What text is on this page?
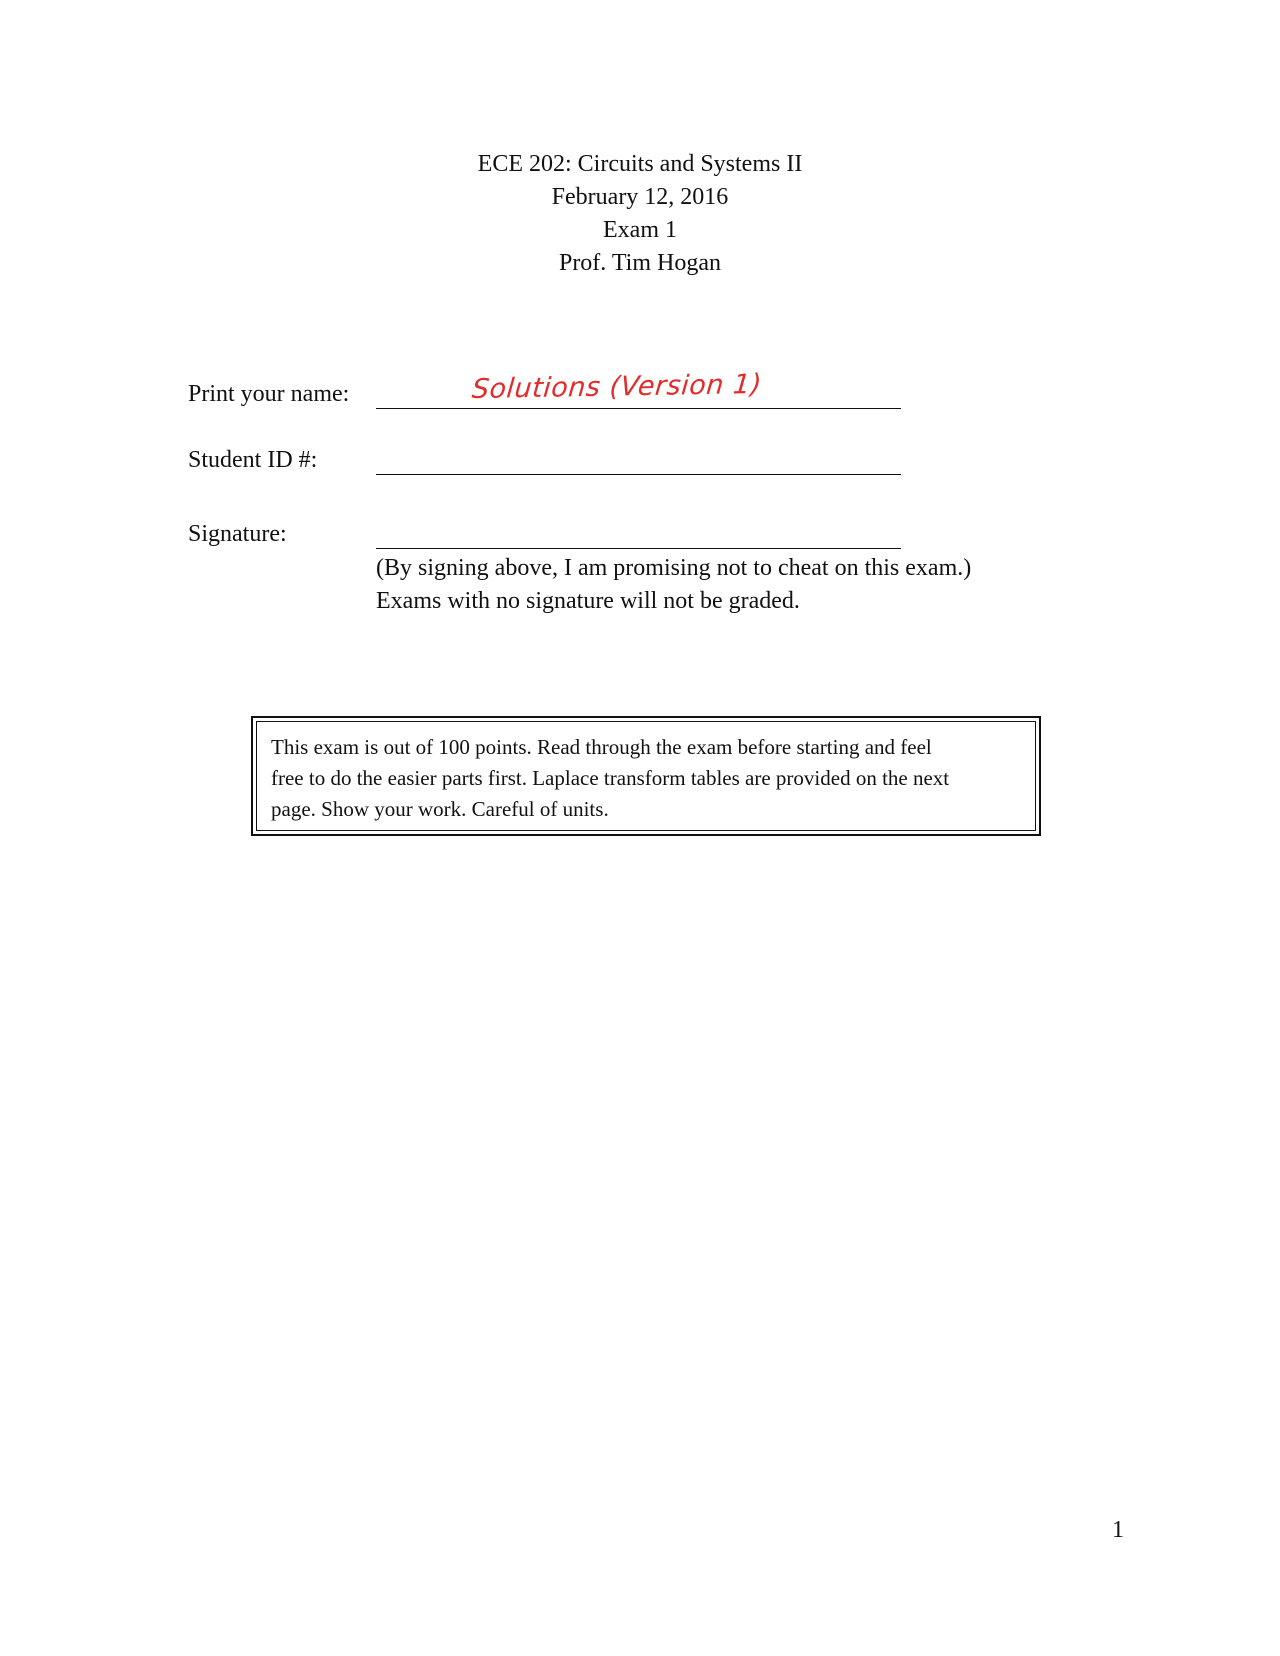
ECE 202: Circuits and Systems II
February 12, 2016
Exam 1
Prof. Tim Hogan
Print your name:	Solutions (Version 1)
Student ID #:
Signature:
(By signing above, I am promising not to cheat on this exam.)
Exams with no signature will not be graded.
This exam is out of 100 points. Read through the exam before starting and feel
free to do the easier parts first. Laplace transform tables are provided on the next
page. Show your work. Careful of units.
1
